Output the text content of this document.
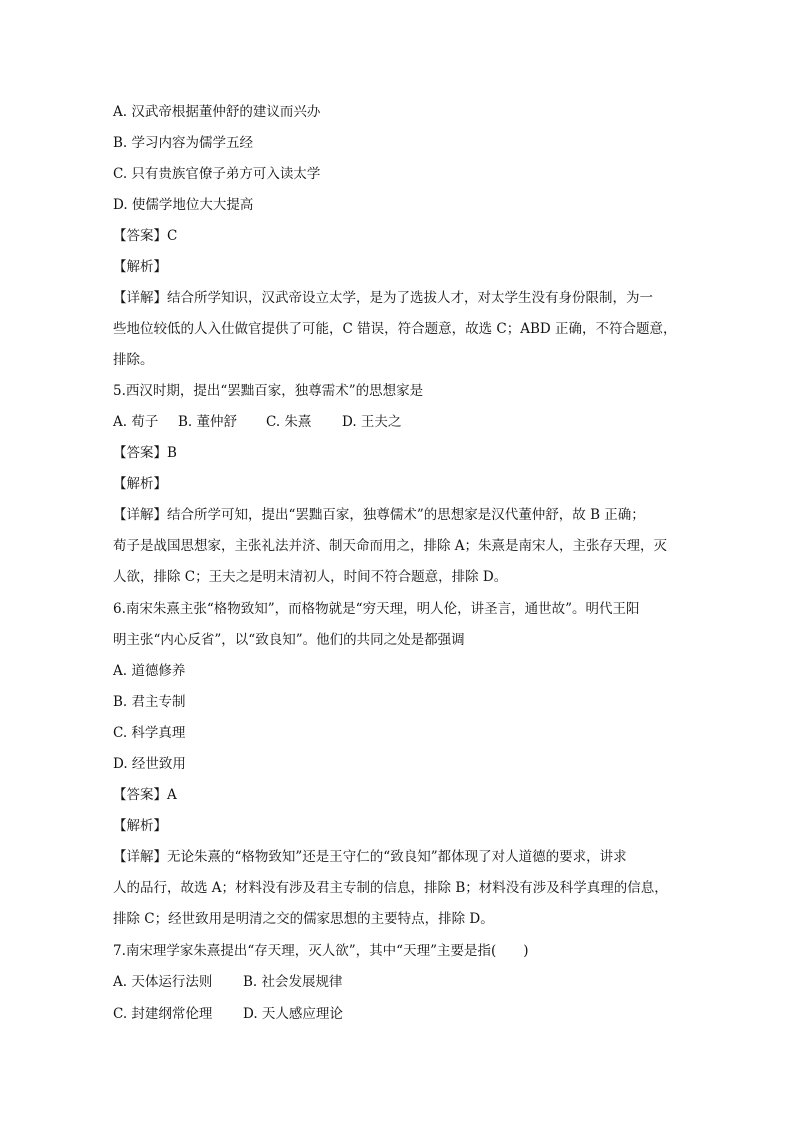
A. 汉武帝根据董仲舒的建议而兴办
B. 学习内容为儒学五经
C. 只有贵族官僚子弟方可入读太学
D. 使儒学地位大大提高
【答案】C
【解析】
【详解】结合所学知识，汉武帝设立太学，是为了选拔人才，对太学生没有身份限制，为一
些地位较低的人入仕做官提供了可能，C 错误，符合题意，故选 C；ABD 正确，不符合题意，
排除。
5.西汉时期，提出“罢黜百家，独尊需术”的思想家是
A. 荀子 B. 董仲舒 C. 朱熹 D. 王夫之
【答案】B
【解析】
【详解】结合所学可知，提出“罢黜百家，独尊儒术”的思想家是汉代董仲舒，故 B 正确；
荀子是战国思想家，主张礼法并济、制天命而用之，排除 A；朱熹是南宋人，主张存天理，灭
人欲，排除 C；王夫之是明末清初人，时间不符合题意，排除 D。
6.南宋朱熹主张“格物致知”，而格物就是“穷天理，明人伦，讲圣言，通世故”。明代王阳
明主张“内心反省”，以“致良知”。他们的共同之处是都强调
A. 道德修养
B. 君主专制
C. 科学真理
D. 经世致用
【答案】A
【解析】
【详解】无论朱熹的“格物致知”还是王守仁的“致良知”都体现了对人道德的要求，讲求
人的品行，故选 A；材料没有涉及君主专制的信息，排除 B；材料没有涉及科学真理的信息，
排除 C；经世致用是明清之交的儒家思想的主要特点，排除 D。
7.南宋理学家朱熹提出“存天理，灭人欲”，其中“天理”主要是指(　　)
A. 天体运行法则 B. 社会发展规律
C. 封建纲常伦理 D. 天人感应理论
